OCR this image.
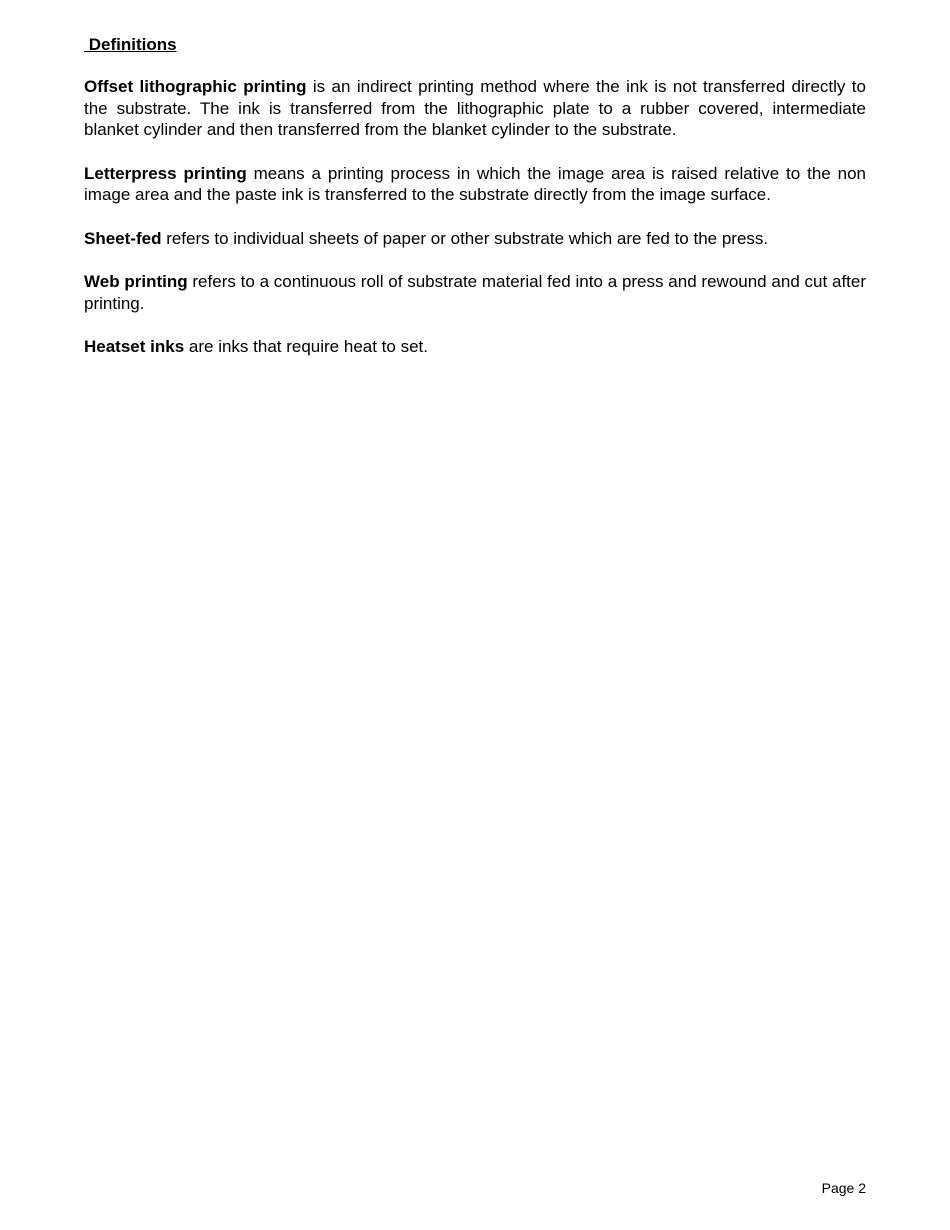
Definitions

Offset lithographic printing is an indirect printing method where the ink is not transferred directly to the substrate. The ink is transferred from the lithographic plate to a rubber covered, intermediate blanket cylinder and then transferred from the blanket cylinder to the substrate.

Letterpress printing means a printing process in which the image area is raised relative to the non image area and the paste ink is transferred to the substrate directly from the image surface.

Sheet-fed refers to individual sheets of paper or other substrate which are fed to the press.

Web printing refers to a continuous roll of substrate material fed into a press and rewound and cut after printing.

Heatset inks are inks that require heat to set.

Page 2
